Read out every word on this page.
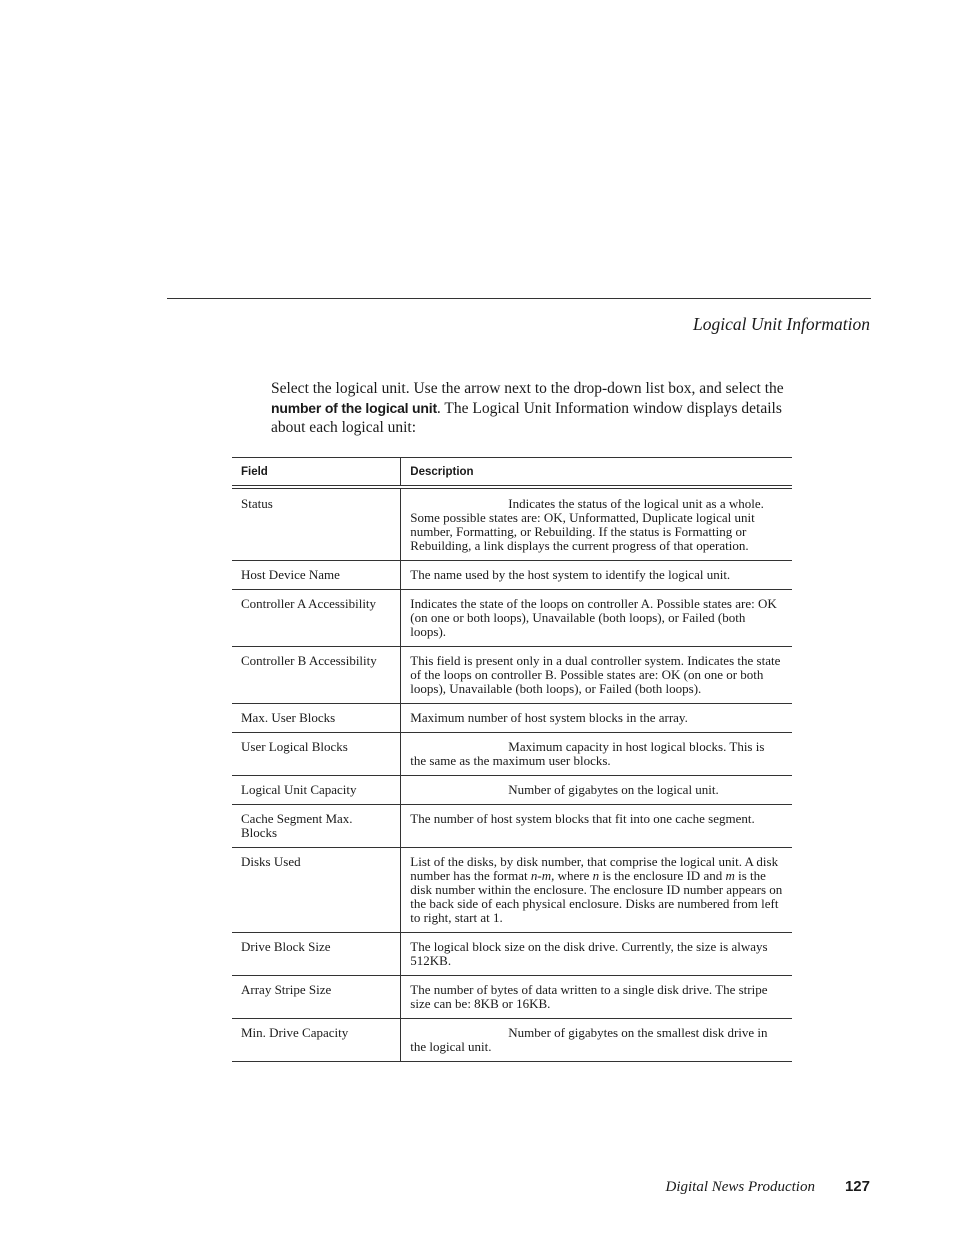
Logical Unit Information

Select the logical unit. Use the arrow next to the drop-down list box, and select the number of the logical unit. The Logical Unit Information window displays details about each logical unit:

Field	Description
Status	Indicates the status of the logical unit as a whole. Some possible states are: OK, Unformatted, Duplicate logical unit number, Formatting, or Rebuilding. If the status is Formatting or Rebuilding, a link displays the current progress of that operation.
Host Device Name	The name used by the host system to identify the logical unit.
Controller A Accessibility	Indicates the state of the loops on controller A. Possible states are: OK (on one or both loops), Unavailable (both loops), or Failed (both loops).
Controller B Accessibility	This field is present only in a dual controller system. Indicates the state of the loops on controller B. Possible states are: OK (on one or both loops), Unavailable (both loops), or Failed (both loops).
Max. User Blocks	Maximum number of host system blocks in the array.
User Logical Blocks	Maximum capacity in host logical blocks. This is the same as the maximum user blocks.
Logical Unit Capacity	Number of gigabytes on the logical unit.
Cache Segment Max. Blocks	The number of host system blocks that fit into one cache segment.
Disks Used	List of the disks, by disk number, that comprise the logical unit. A disk number has the format n-m, where n is the enclosure ID and m is the disk number within the enclosure. The enclosure ID number appears on the back side of each physical enclosure. Disks are numbered from left to right, start at 1.
Drive Block Size	The logical block size on the disk drive. Currently, the size is always 512KB.
Array Stripe Size	The number of bytes of data written to a single disk drive. The stripe size can be: 8KB or 16KB.
Min. Drive Capacity	Number of gigabytes on the smallest disk drive in the logical unit.
Digital News Production 127
